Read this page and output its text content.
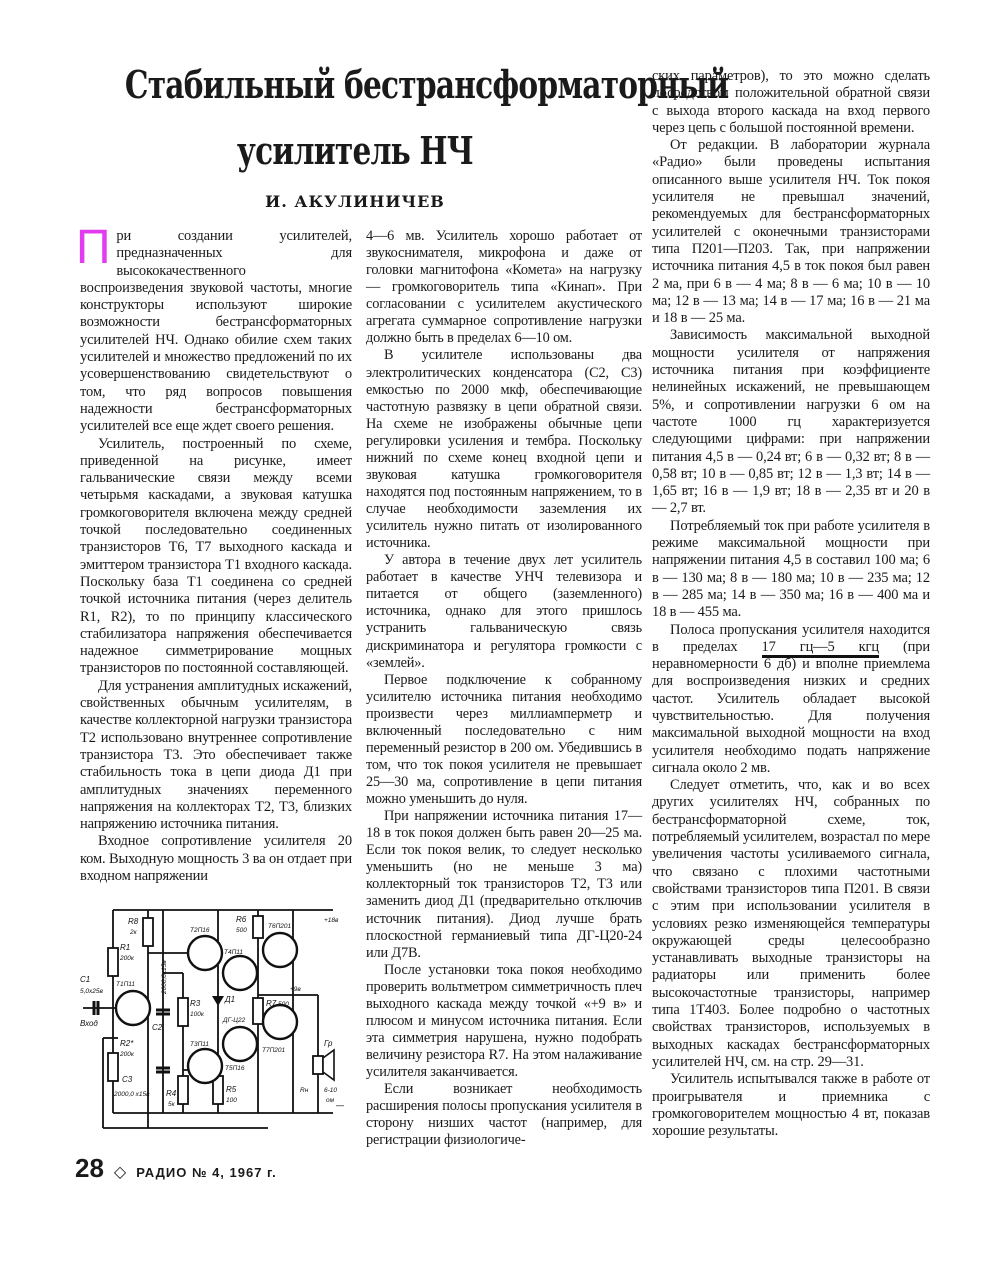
Стабильный бестрансформаторный
усилитель НЧ
И. АКУЛИНИЧЕВ

При создании усилителей, предназначенных для высококачественного воспроизведения звуковой частоты, многие конструкторы используют широкие возможности бестрансформаторных усилителей НЧ. Однако обилие схем таких усилителей и множество предложений по их усовершенствованию свидетельствуют о том, что ряд вопросов повышения надежности бестрансформаторных усилителей все еще ждет своего решения.

Усилитель, построенный по схеме, приведенной на рисунке, имеет гальванические связи между всеми четырьмя каскадами, а звуковая катушка громкоговорителя включена между средней точкой последовательно соединенных транзисторов T6, T7 выходного каскада и эмиттером транзистора T1 входного каскада. Поскольку база T1 соединена со средней точкой источника питания (через делитель R1, R2), то по принципу классического стабилизатора напряжения обеспечивается надежное симметрирование мощных транзисторов по постоянной составляющей.

Для устранения амплитудных искажений, свойственных обычным усилителям, в качестве коллекторной нагрузки транзистора T2 использовано внутреннее сопротивление транзистора T3. Это обеспечивает также стабильность тока в цепи диода Д1 при амплитудных значениях переменного напряжения на коллекторах T2, T3, близких напряжению источника питания.

Входное сопротивление усилителя 20 ком. Выходную мощность 3 ва он отдает при входном напряжении

4—6 мв. Усилитель хорошо работает от звукоснимателя, микрофона и даже от головки магнитофона «Комета» на нагрузку — громкоговоритель типа «Кинап». При согласовании с усилителем акустического агрегата суммарное сопротивление нагрузки должно быть в пределах 6—10 ом.

В усилителе использованы два электролитических конденсатора (C2, C3) емкостью по 2000 мкф, обеспечивающие частотную развязку в цепи обратной связи. На схеме не изображены обычные цепи регулировки усиления и тембра. Поскольку нижний по схеме конец входной цепи и звуковая катушка громкоговорителя находятся под постоянным напряжением, то в случае необходимости заземления их усилитель нужно питать от изолированного источника.

У автора в течение двух лет усилитель работает в качестве УНЧ телевизора и питается от общего (заземленного) источника, однако для этого пришлось устранить гальваническую связь дискриминатора и регулятора громкости с «землей».

Первое подключение к собранному усилителю источника питания необходимо произвести через миллиамперметр и включенный последовательно с ним переменный резистор в 200 ом. Убедившись в том, что ток покоя усилителя не превышает 25—30 ма, сопротивление в цепи питания можно уменьшить до нуля.

При напряжении источника питания 17—18 в ток покоя должен быть равен 20—25 ма. Если ток покоя велик, то следует несколько уменьшить (но не меньше 3 ма) коллекторный ток транзисторов T2, T3 или заменить диод Д1 (предварительно отключив источник питания). Диод лучше брать плоскостной германиевый типа ДГ-Ц20-24 или Д7В.

После установки тока покоя необходимо проверить вольтметром симметричность плеч выходного каскада между точкой «+9 в» и плюсом и минусом источника питания. Если эта симметрия нарушена, нужно подобрать величину резистора R7. На этом налаживание усилителя заканчивается.

Если возникает необходимость расширения полосы пропускания усилителя в сторону низших частот (например, для регистрации физиологиче-

ских параметров), то это можно сделать посредством положительной обратной связи с выхода второго каскада на вход первого через цепь с большой постоянной времени.

От редакции. В лаборатории журнала «Радио» были проведены испытания описанного выше усилителя НЧ. Ток покоя усилителя не превышал значений, рекомендуемых для бестрансформаторных усилителей с оконечными транзисторами типа П201—П203. Так, при напряжении источника питания 4,5 в ток покоя был равен 2 ма, при 6 в — 4 ма; 8 в — 6 ма; 10 в — 10 ма; 12 в — 13 ма; 14 в — 17 ма; 16 в — 21 ма и 18 в — 25 ма.

Зависимость максимальной выходной мощности усилителя от напряжения источника питания при коэффициенте нелинейных искажений, не превышающем 5%, и сопротивлении нагрузки 6 ом на частоте 1000 гц характеризуется следующими цифрами: при напряжении питания 4,5 в — 0,24 вт; 6 в — 0,32 вт; 8 в — 0,58 вт; 10 в — 0,85 вт; 12 в — 1,3 вт; 14 в — 1,65 вт; 16 в — 1,9 вт; 18 в — 2,35 вт и 20 в — 2,7 вт.

Потребляемый ток при работе усилителя в режиме максимальной мощности при напряжении питания 4,5 в составил 100 ма; 6 в — 130 ма; 8 в — 180 ма; 10 в — 235 ма; 12 в — 285 ма; 14 в — 350 ма; 16 в — 400 ма и 18 в — 455 ма.

Полоса пропускания усилителя находится в пределах 17 гц—5 кгц (при неравномерности 6 дб) и вполне приемлема для воспроизведения низких и средних частот. Усилитель обладает высокой чувствительностью. Для получения максимальной выходной мощности на вход усилителя необходимо подать напряжение сигнала около 2 мв.

Следует отметить, что, как и во всех других усилителях НЧ, собранных по бестрансформаторной схеме, ток, потребляемый усилителем, возрастал по мере увеличения частоты усиливаемого сигнала, что связано с плохими частотными свойствами транзисторов типа П201. В связи с этим при использовании усилителя в условиях резко изменяющейся температуры окружающей среды целесообразно устанавливать выходные транзисторы на радиаторы или применить более высокочастотные транзисторы, например типа 1T403. Более подробно о частотных свойствах транзисторов, используемых в выходных каскадах бестрансформаторных усилителей НЧ, см. на стр. 29—31.

Усилитель испытывался также в работе от проигрывателя и приемника с громкоговорителем мощностью 4 вт, показав хорошие результаты.

R1
200к
C1
5,0x25в
T1П11
Вход
R2*
200к
C3
2000,0 x15в
R8
2к
C2
2000,0x15в
R3
100к
R4
5к
T2П16
T3П11
Д1
ДГ-Ц22
T4П11
T5П16
R5
100
R6
500
T6П201
T7П201
R7 500
+18в
+9в
—
Гр
Rн 6-10
ом
28 ◇ РАДИО № 4, 1967 г.
